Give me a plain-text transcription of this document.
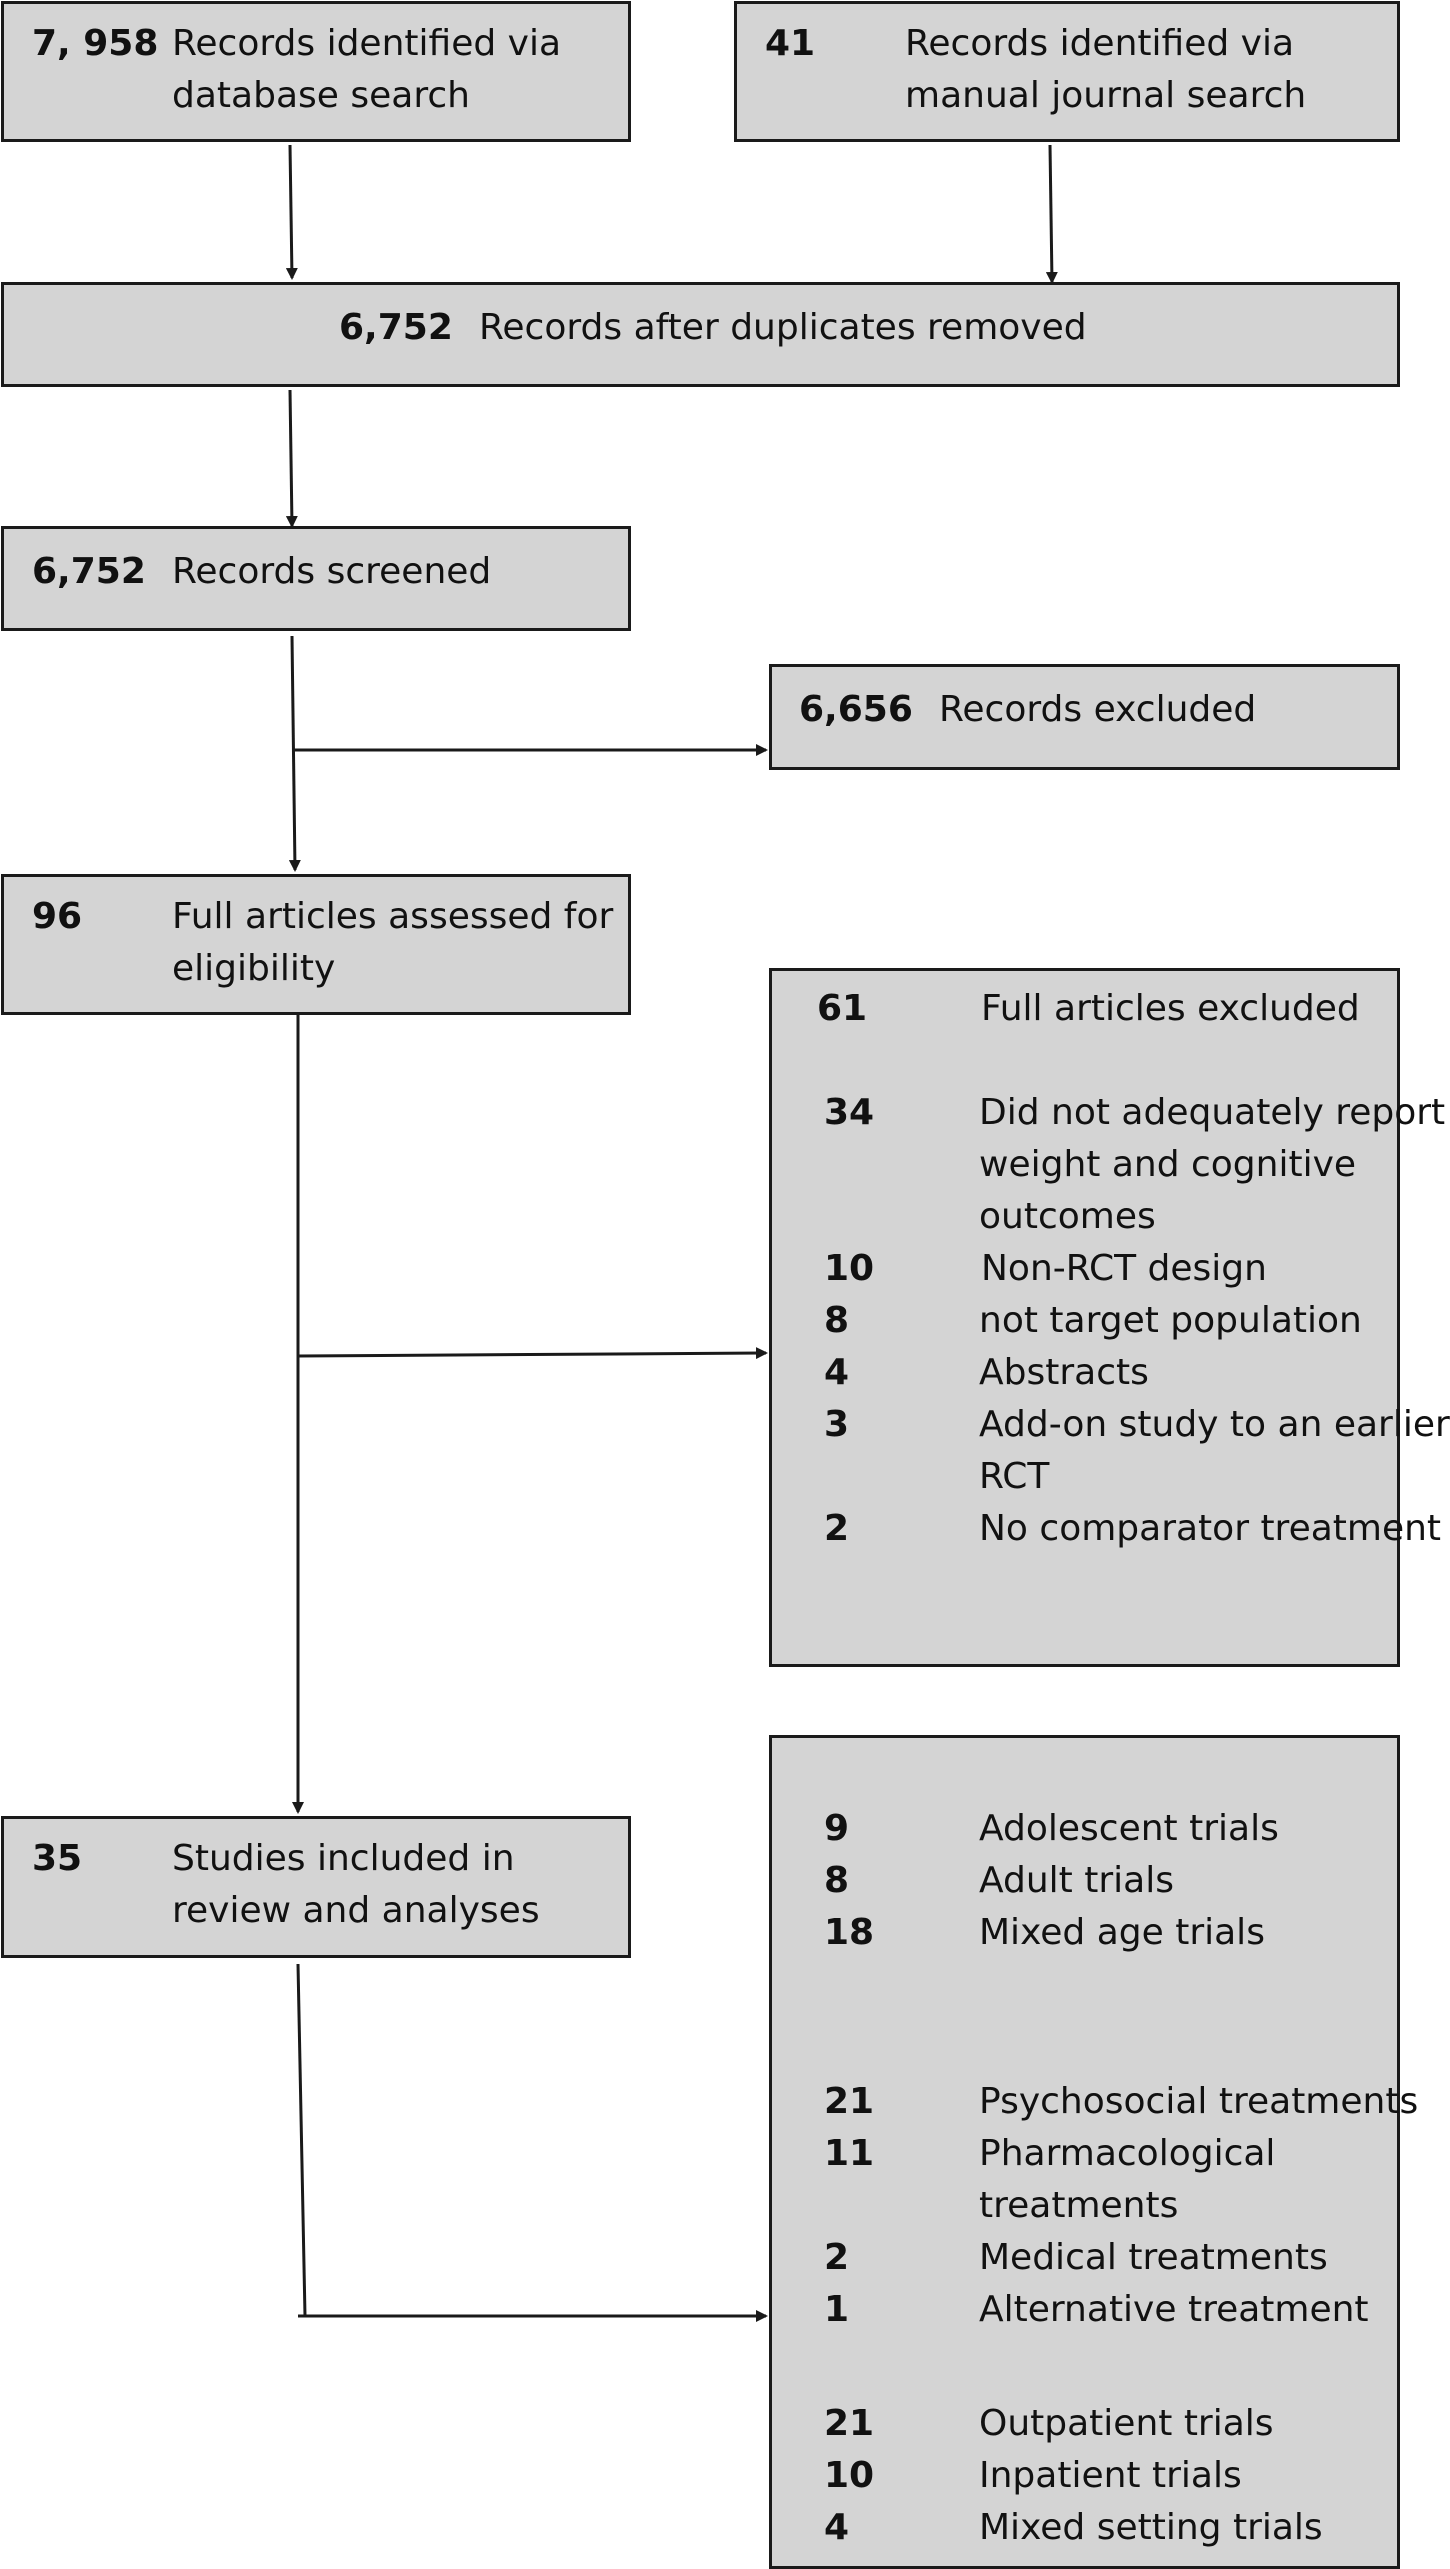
7, 958 Records identified via
database search
41 Records identified via
manual journal search
6,752 Records after duplicates removed
6,752 Records screened
6,656 Records excluded
96 Full articles assessed for
eligibility
61	Full articles excluded
34	Did not adequately report
weight and cognitive
outcomes
10	Non-RCT design
8	not target population
4	Abstracts
3	Add-on study to an earlier
RCT
2	No comparator treatment
35 Studies included in
review and analyses
9	Adolescent trials
8	Adult trials
18	Mixed age trials
21	Psychosocial treatments
11	Pharmacological
treatments
2	Medical treatments
1	Alternative treatment
21	Outpatient trials
10	Inpatient trials
4	Mixed setting trials
